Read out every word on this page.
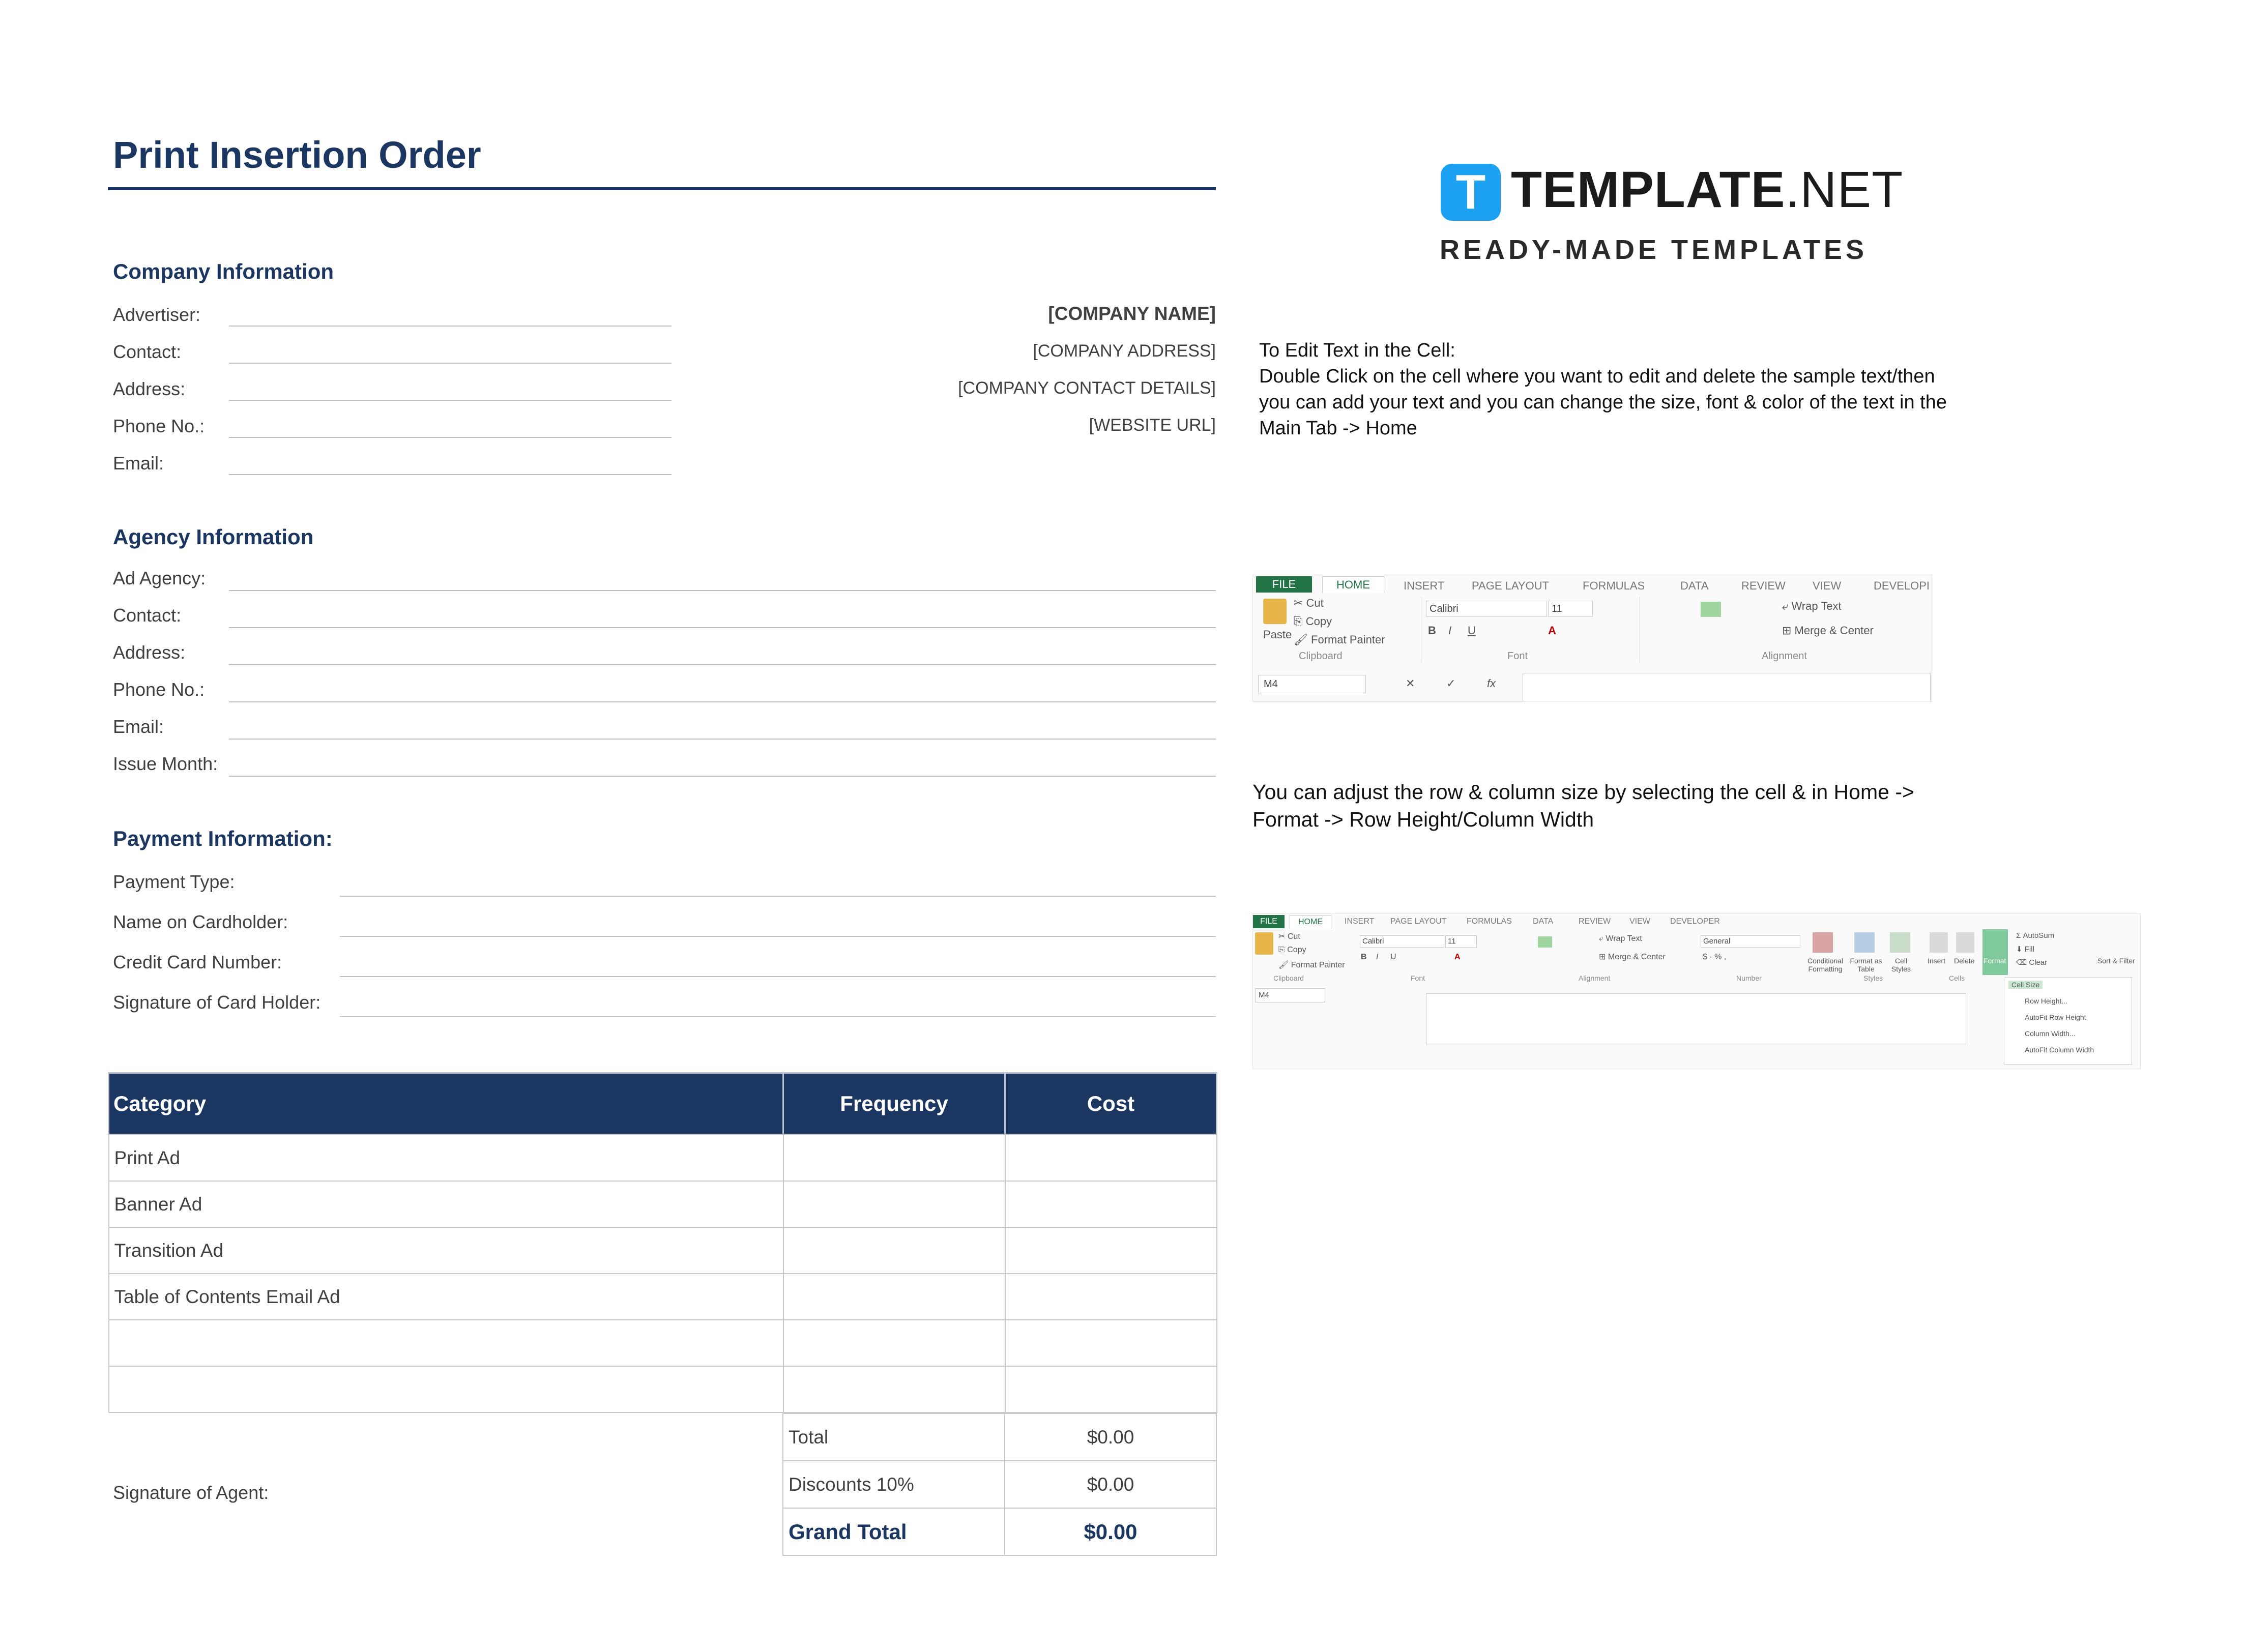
Print Insertion Order
Company Information
Advertiser:
Contact:
Address:
Phone No.:
Email:
[COMPANY NAME]
[COMPANY ADDRESS]
[COMPANY CONTACT DETAILS]
[WEBSITE URL]
Agency Information
Ad Agency:
Contact:
Address:
Phone No.:
Email:
Issue Month:
Payment Information:
Payment Type:
Name on Cardholder:
Credit Card Number:
Signature of Card Holder:
Category	Frequency	Cost
Print Ad		
Banner Ad		
Transition Ad		
Table of Contents Email Ad		

Total	$0.00
Discounts 10%	$0.00
Grand Total	$0.00
Signature of Agent:
T TEMPLATE.NET
READY-MADE TEMPLATES
To Edit Text in the Cell:
Double Click on the cell where you want to edit and delete the sample text/then
you can add your text and you can change the size, font & color of the text in the
Main Tab -> Home
You can adjust the row & column size by selecting the cell & in Home ->
Format -> Row Height/Column Width
FILE	HOME	INSERT PAGE LAYOUT	FORMULAS	DATA	REVIEW VIEW	DEVELOPI
Paste
✂ Cut
⎘ Copy
🖌 Format Painter
Calibri	11
B I U	A
⤶ Wrap Text
⊞ Merge & Center
Clipboard	Font	Alignment
M4	✕	✓	fx
FILE	HOME	INSERT PAGE LAYOUT FORMULAS	DATA	REVIEW VIEW DEVELOPER
✂ Cut
⎘ Copy
🖌 Format Painter
Calibri	11
B I U	A
⤶ Wrap Text
⊞ Merge & Center
General
$ · % ,	Conditional Formatting
Format as Table
Cell Styles
Insert Delete Format
Σ AutoSum
⬇ Fill
⌫ Clear	Sort & Filter
Clipboard	Font	Alignment	Number	Styles	Cells
M4
Cell Size
Row Height...
AutoFit Row Height
Column Width...
AutoFit Column Width
